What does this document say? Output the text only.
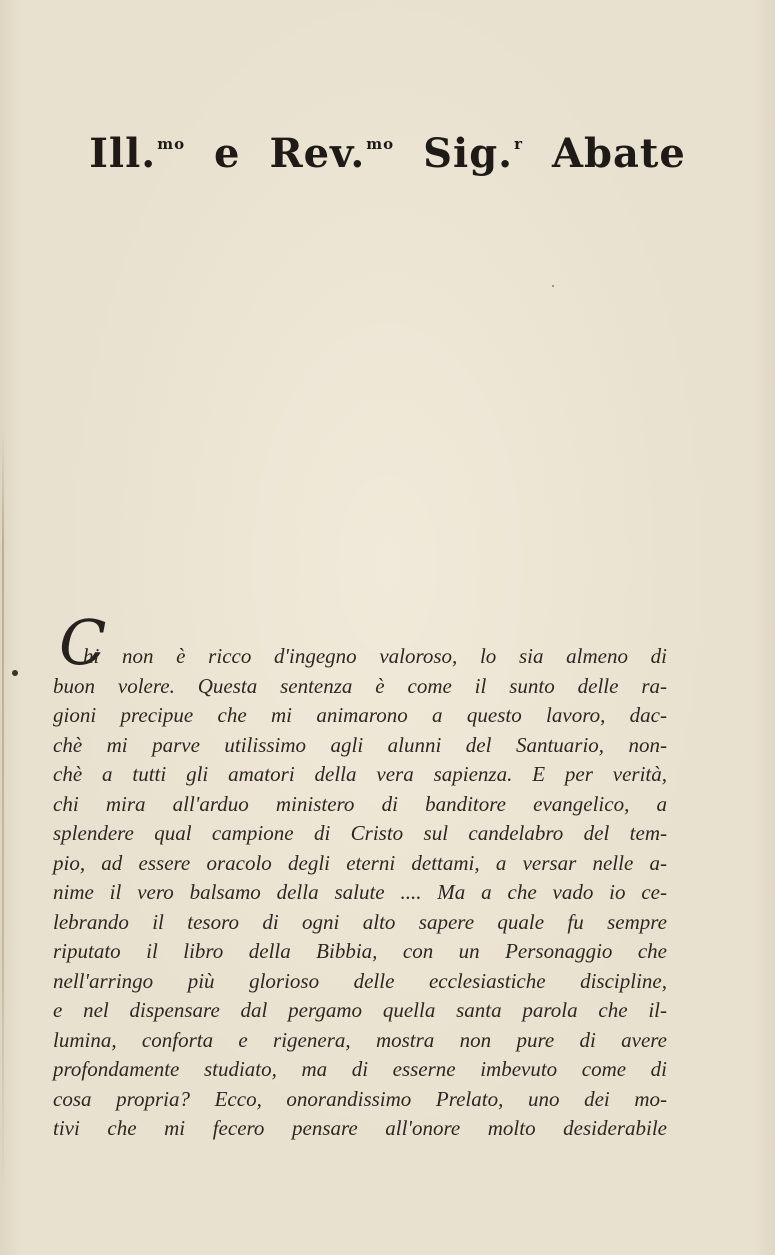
Ill.$^{mo}$ e Rev.$^{mo}$ Sig.$^r$ Abate
C
hi non è ricco d'ingegno valoroso, lo sia almeno di
buon volere. Questa sentenza è come il sunto delle ra-
gioni precipue che mi animarono a questo lavoro, dac-
chè mi parve utilissimo agli alunni del Santuario, non-
chè a tutti gli amatori della vera sapienza. E per verità,
chi mira all'arduo ministero di banditore evangelico, a
splendere qual campione di Cristo sul candelabro del tem-
pio, ad essere oracolo degli eterni dettami, a versar nelle a-
nime il vero balsamo della salute .... Ma a che vado io ce-
lebrando il tesoro di ogni alto sapere quale fu sempre
riputato il libro della Bibbia, con un Personaggio che
nell'arringo più glorioso delle ecclesiastiche discipline,
e nel dispensare dal pergamo quella santa parola che il-
lumina, conforta e rigenera, mostra non pure di avere
profondamente studiato, ma di esserne imbevuto come di
cosa propria? Ecco, onorandissimo Prelato, uno dei mo-
tivi che mi fecero pensare all'onore molto desiderabile
